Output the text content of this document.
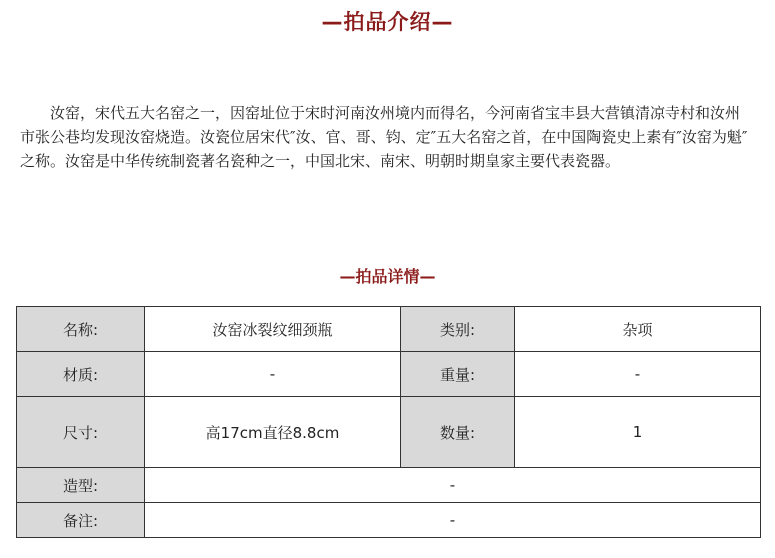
—拍品介绍—

汝窑，宋代五大名窑之一，因窑址位于宋时河南汝州境内而得名，今河南省宝丰县大营镇清凉寺村和汝州市张公巷均发现汝窑烧造。汝瓷位居宋代″汝、官、哥、钧、定″五大名窑之首，在中国陶瓷史上素有″汝窑为魁″之称。汝窑是中华传统制瓷著名瓷种之一，中国北宋、南宋、明朝时期皇家主要代表瓷器。

—拍品详情—
名称:	汝窑冰裂纹细颈瓶	类别:	杂项
材质:	-	重量:	-
尺寸:	高17cm直径8.8cm	数量:	1
造型:	-		
备注:	-		
